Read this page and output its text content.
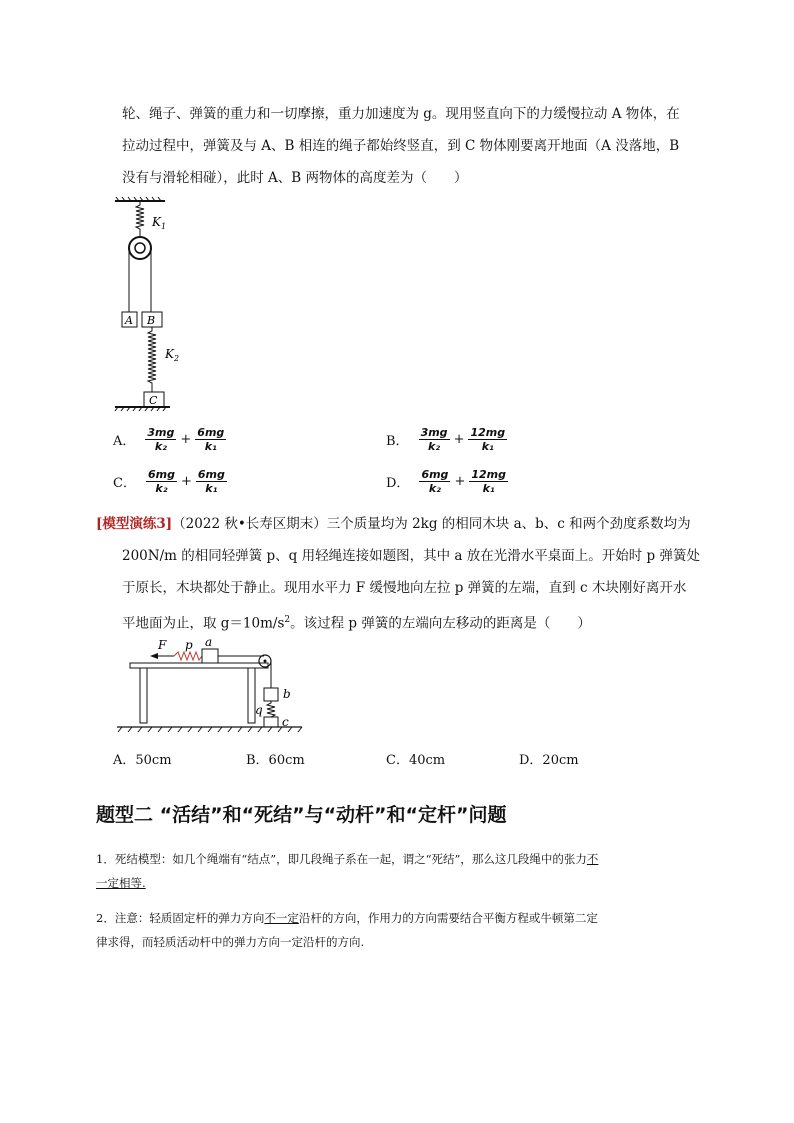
轮、绳子、弹簧的重力和一切摩擦，重力加速度为 g。现用竖直向下的力缓慢拉动 A 物体，在
拉动过程中，弹簧及与 A、B 相连的绳子都始终竖直，到 C 物体刚要离开地面（A 没落地，B
没有与滑轮相碰），此时 A、B 两物体的高度差为（　　）
$K_1$
$K_2$
A B
C
A． $\frac{3mg}{\text{k₂}} + \frac{6mg}{\text{k₁}}$	B． $\frac{3mg}{\text{k₂}} + \frac{12mg}{\text{k₁}}$
C． $\frac{6mg}{\text{k₂}} + \frac{6mg}{\text{k₁}}$	D． $\frac{6mg}{\text{k₂}} + \frac{12mg}{\text{k₁}}$
[模型演练3]（2022 秋•长寿区期末）三个质量均为 2kg 的相同木块 a、b、c 和两个劲度系数均为
200N/m 的相同轻弹簧 p、q 用轻绳连接如题图，其中 a 放在光滑水平桌面上。开始时 p 弹簧处
于原长，木块都处于静止。现用水平力 F 缓慢地向左拉 p 弹簧的左端，直到 c 木块刚好离开水
平地面为止，取 $g=10m/s^2$。该过程 p 弹簧的左端向左移动的距离是（　　）
F p a
b
q
c
A．50cm	B．60cm	C．40cm	D．20cm
题型二 “活结”和“死结”与“动杆”和“定杆”问题
1．死结模型：如几个绳端有“结点”，即几段绳子系在一起，谓之“死结”，那么这几段绳中的张力不
一定相等.
2．注意：轻质固定杆的弹力方向不一定沿杆的方向，作用力的方向需要结合平衡方程或牛顿第二定
律求得，而轻质活动杆中的弹力方向一定沿杆的方向.
